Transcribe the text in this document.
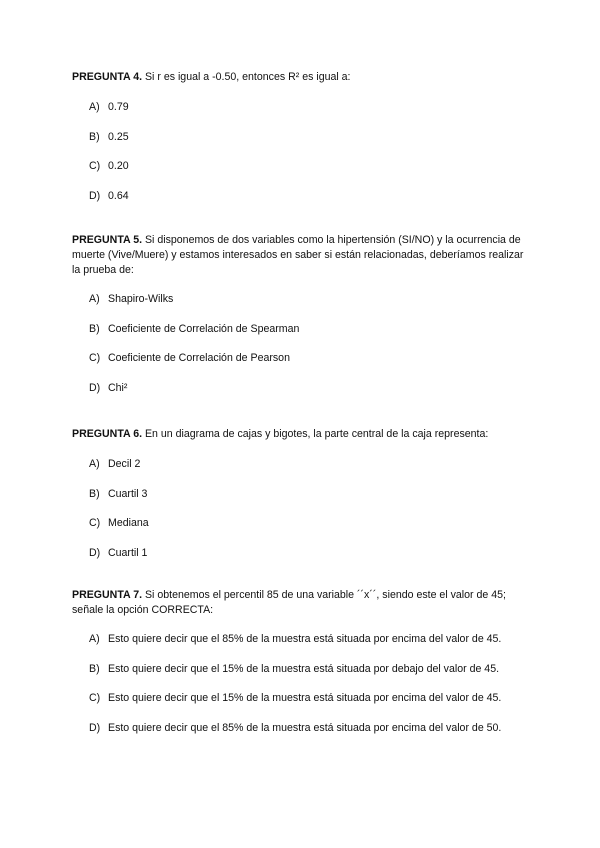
PREGUNTA 4. Si r es igual a -0.50, entonces R² es igual a:

A) 0.79
B) 0.25
C) 0.20
D) 0.64

PREGUNTA 5. Si disponemos de dos variables como la hipertensión (SI/NO) y la ocurrencia de muerte (Vive/Muere) y estamos interesados en saber si están relacionadas, deberíamos realizar la prueba de:

A) Shapiro-Wilks
B) Coeficiente de Correlación de Spearman
C) Coeficiente de Correlación de Pearson
D) Chi²

PREGUNTA 6. En un diagrama de cajas y bigotes, la parte central de la caja representa:

A) Decil 2
B) Cuartil 3
C) Mediana
D) Cuartil 1

PREGUNTA 7. Si obtenemos el percentil 85 de una variable ´´x´´, siendo este el valor de 45; señale la opción CORRECTA:

A) Esto quiere decir que el 85% de la muestra está situada por encima del valor de 45.
B) Esto quiere decir que el 15% de la muestra está situada por debajo del valor de 45.
C) Esto quiere decir que el 15% de la muestra está situada por encima del valor de 45.
D) Esto quiere decir que el 85% de la muestra está situada por encima del valor de 50.
